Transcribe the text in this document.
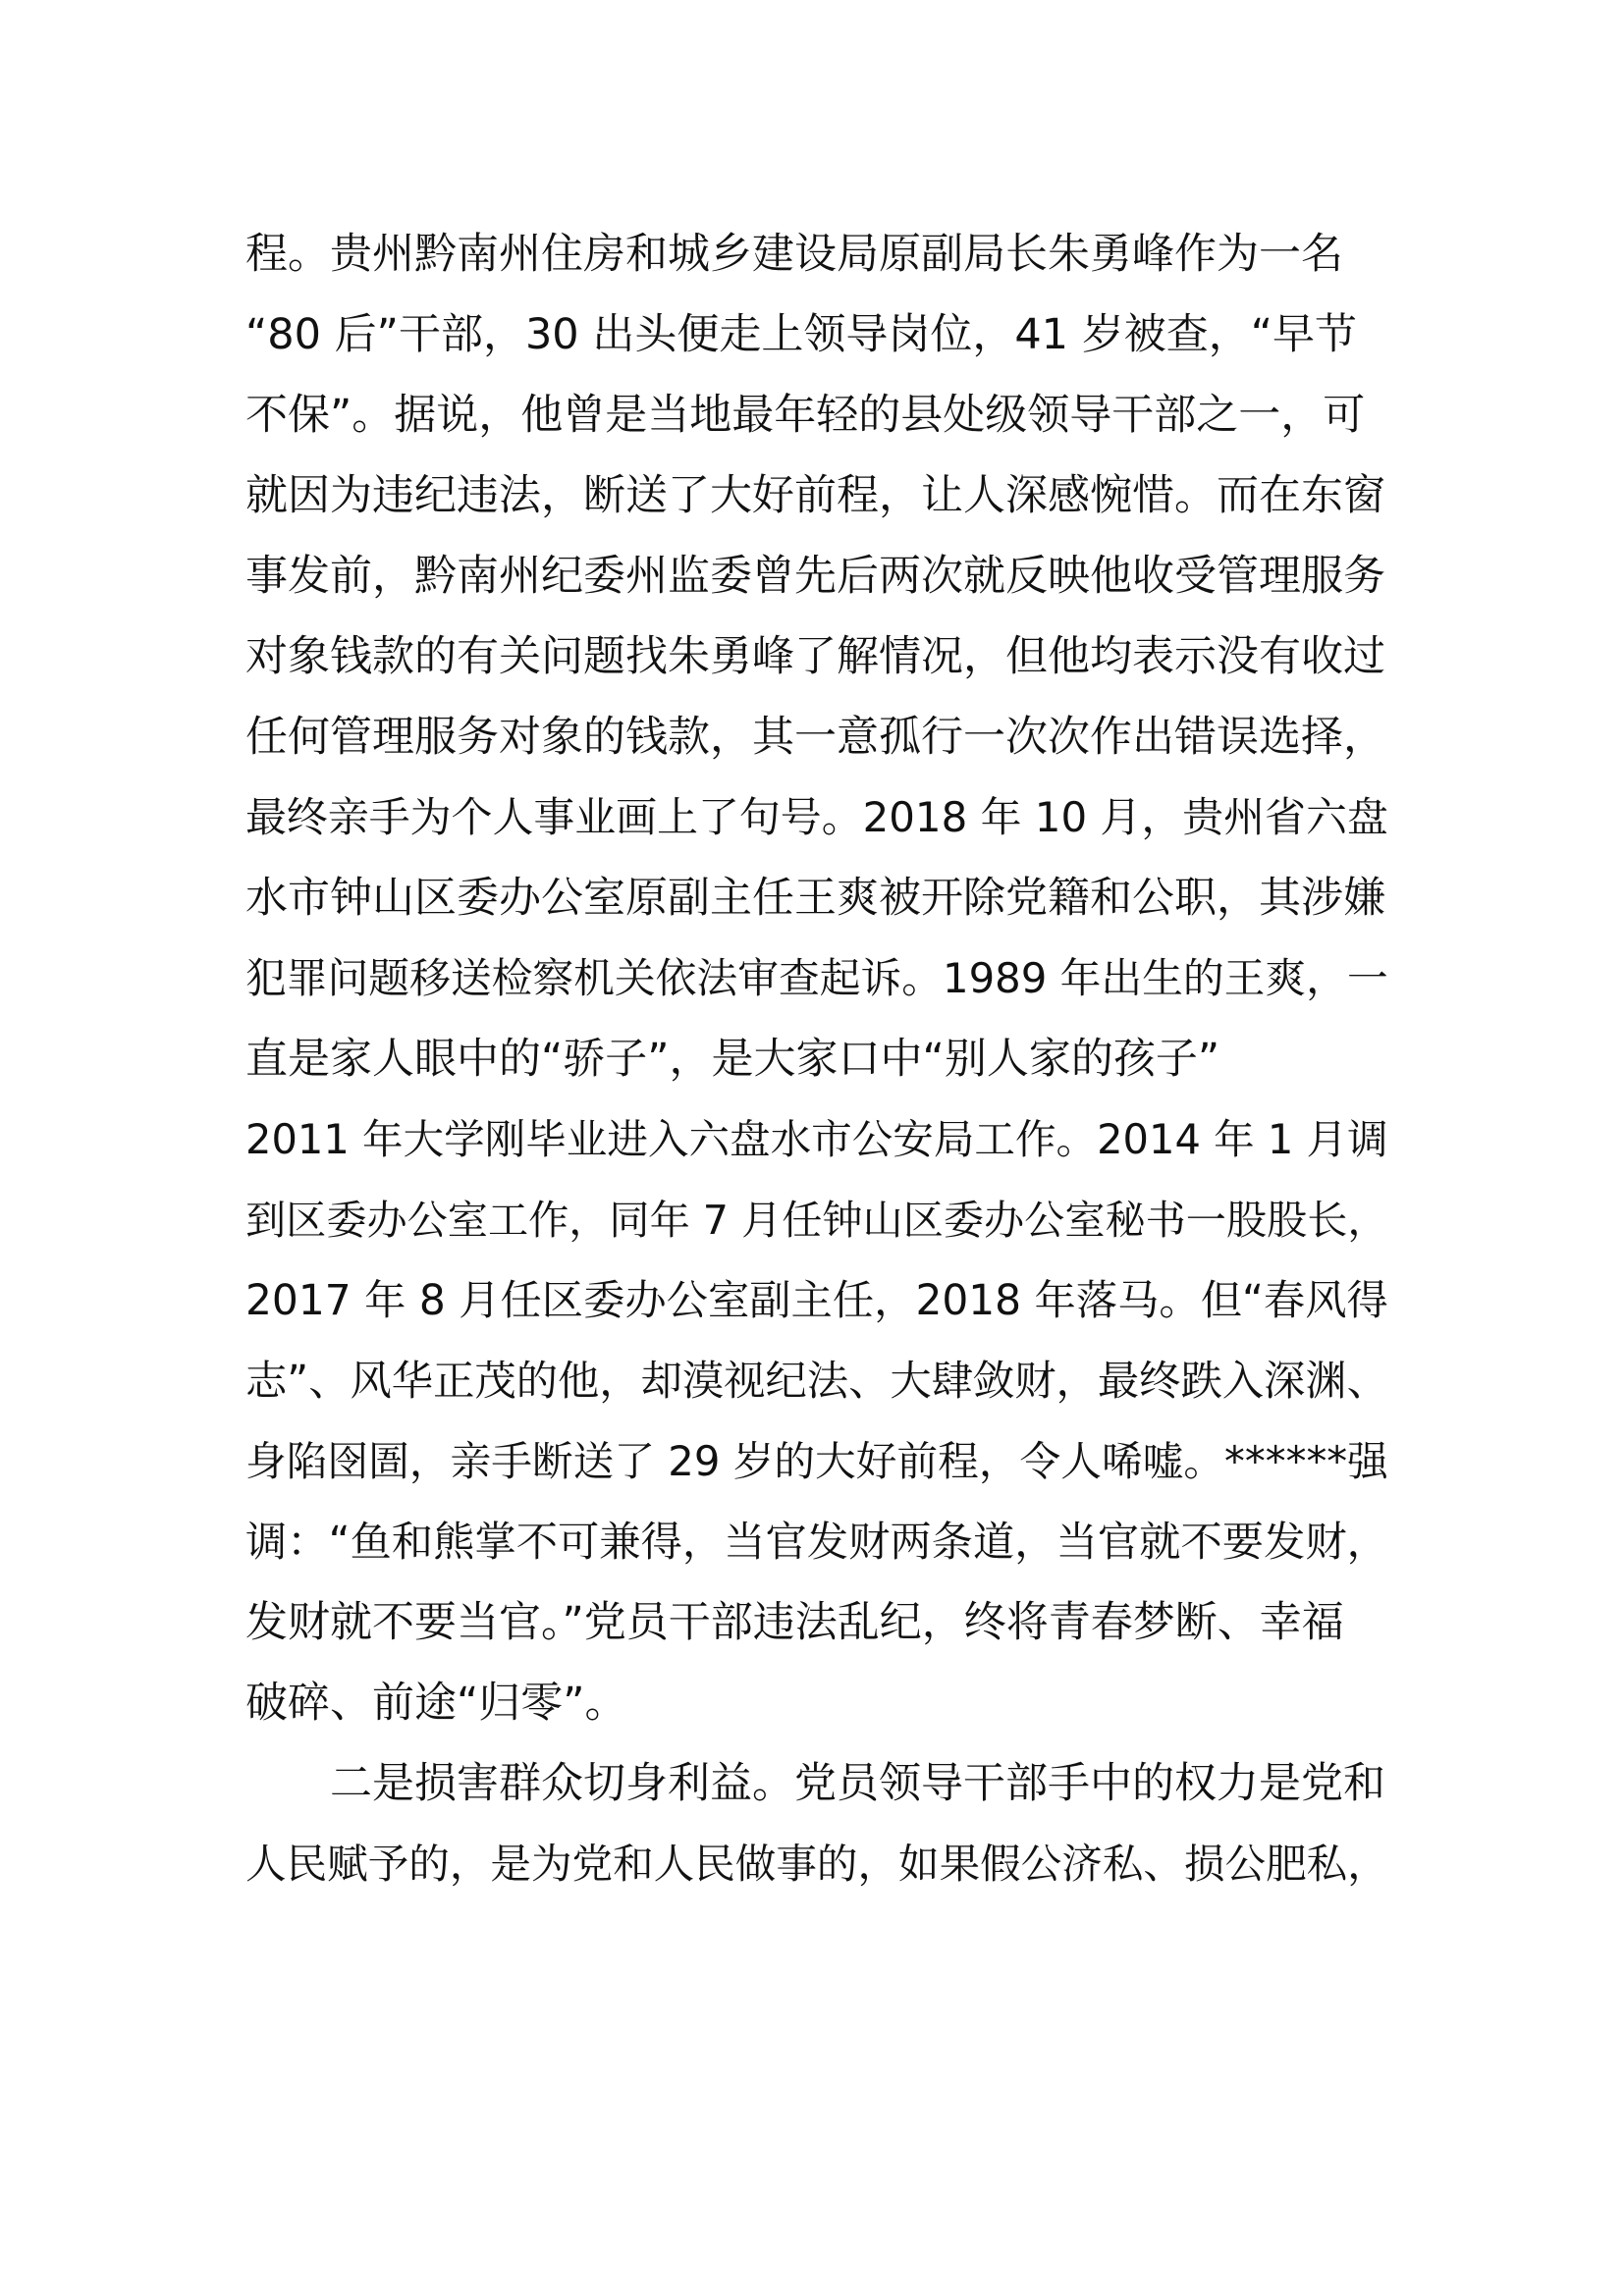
程。贵州黔南州住房和城乡建设局原副局长朱勇峰作为一名
“80 后”干部，30 出头便走上领导岗位，41 岁被查，“早节
不保”。据说，他曾是当地最年轻的县处级领导干部之一，可
就因为违纪违法，断送了大好前程，让人深感惋惜。而在东窗
事发前，黔南州纪委州监委曾先后两次就反映他收受管理服务
对象钱款的有关问题找朱勇峰了解情况，但他均表示没有收过
任何管理服务对象的钱款，其一意孤行一次次作出错误选择，
最终亲手为个人事业画上了句号。2018 年 10 月，贵州省六盘
水市钟山区委办公室原副主任王爽被开除党籍和公职，其涉嫌
犯罪问题移送检察机关依法审查起诉。1989 年出生的王爽，一
直是家人眼中的“骄子”，是大家口中“别人家的孩子”
2011 年大学刚毕业进入六盘水市公安局工作。2014 年 1 月调
到区委办公室工作，同年 7 月任钟山区委办公室秘书一股股长，
2017 年 8 月任区委办公室副主任，2018 年落马。但“春风得
志”、风华正茂的他，却漠视纪法、大肆敛财，最终跌入深渊、
身陷囹圄，亲手断送了 29 岁的大好前程，令人唏嘘。******强
调：“鱼和熊掌不可兼得，当官发财两条道，当官就不要发财，
发财就不要当官。”党员干部违法乱纪，终将青春梦断、幸福
破碎、前途“归零”。
二是损害群众切身利益。党员领导干部手中的权力是党和
人民赋予的，是为党和人民做事的，如果假公济私、损公肥私，
